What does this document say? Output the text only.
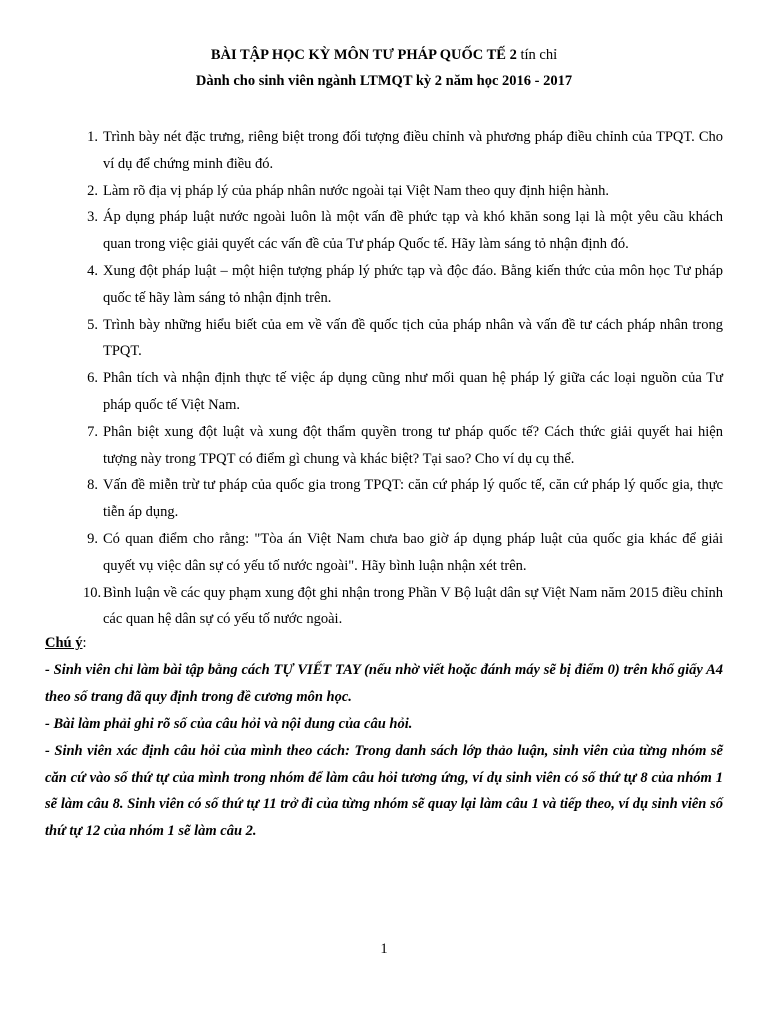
BÀI TẬP HỌC KỲ MÔN TƯ PHÁP QUỐC TẾ 2 tín chỉ
Dành cho sinh viên ngành LTMQT kỳ 2 năm học 2016 - 2017
1. Trình bày nét đặc trưng, riêng biệt trong đối tượng điều chỉnh và phương pháp điều chỉnh của TPQT. Cho ví dụ để chứng minh điều đó.
2. Làm rõ địa vị pháp lý của pháp nhân nước ngoài tại Việt Nam theo quy định hiện hành.
3. Áp dụng pháp luật nước ngoài luôn là một vấn đề phức tạp và khó khăn song lại là một yêu cầu khách quan trong việc giải quyết các vấn đề của Tư pháp Quốc tế. Hãy làm sáng tỏ nhận định đó.
4. Xung đột pháp luật – một hiện tượng pháp lý phức tạp và độc đáo. Bằng kiến thức của môn học Tư pháp quốc tế hãy làm sáng tỏ nhận định trên.
5. Trình bày những hiểu biết của em về vấn đề quốc tịch của pháp nhân và vấn đề tư cách pháp nhân trong TPQT.
6. Phân tích và nhận định thực tế việc áp dụng cũng như mối quan hệ pháp lý giữa các loại nguồn của Tư pháp quốc tế Việt Nam.
7. Phân biệt xung đột luật và xung đột thẩm quyền trong tư pháp quốc tế? Cách thức giải quyết hai hiện tượng này trong TPQT có điểm gì chung và khác biệt? Tại sao? Cho ví dụ cụ thể.
8. Vấn đề miễn trừ tư pháp của quốc gia trong TPQT: căn cứ pháp lý quốc tế, căn cứ pháp lý quốc gia, thực tiễn áp dụng.
9. Có quan điểm cho rằng: "Tòa án Việt Nam chưa bao giờ áp dụng pháp luật của quốc gia khác để giải quyết vụ việc dân sự có yếu tố nước ngoài". Hãy bình luận nhận xét trên.
10. Bình luận về các quy phạm xung đột ghi nhận trong Phần V Bộ luật dân sự Việt Nam năm 2015 điều chỉnh các quan hệ dân sự có yếu tố nước ngoài.
Chú ý:

- Sinh viên chỉ làm bài tập bằng cách TỰ VIẾT TAY (nếu nhờ viết hoặc đánh máy sẽ bị điểm 0) trên khổ giấy A4 theo số trang đã quy định trong đề cương môn học.

- Bài làm phải ghi rõ số của câu hỏi và nội dung của câu hỏi.

- Sinh viên xác định câu hỏi của mình theo cách: Trong danh sách lớp thảo luận, sinh viên của từng nhóm sẽ căn cứ vào số thứ tự của mình trong nhóm để làm câu hỏi tương ứng, ví dụ sinh viên có số thứ tự 8 của nhóm 1 sẽ làm câu 8. Sinh viên có số thứ tự 11 trở đi của từng nhóm sẽ quay lại làm câu 1 và tiếp theo, ví dụ sinh viên số thứ tự 12 của nhóm 1 sẽ làm câu 2.

1
